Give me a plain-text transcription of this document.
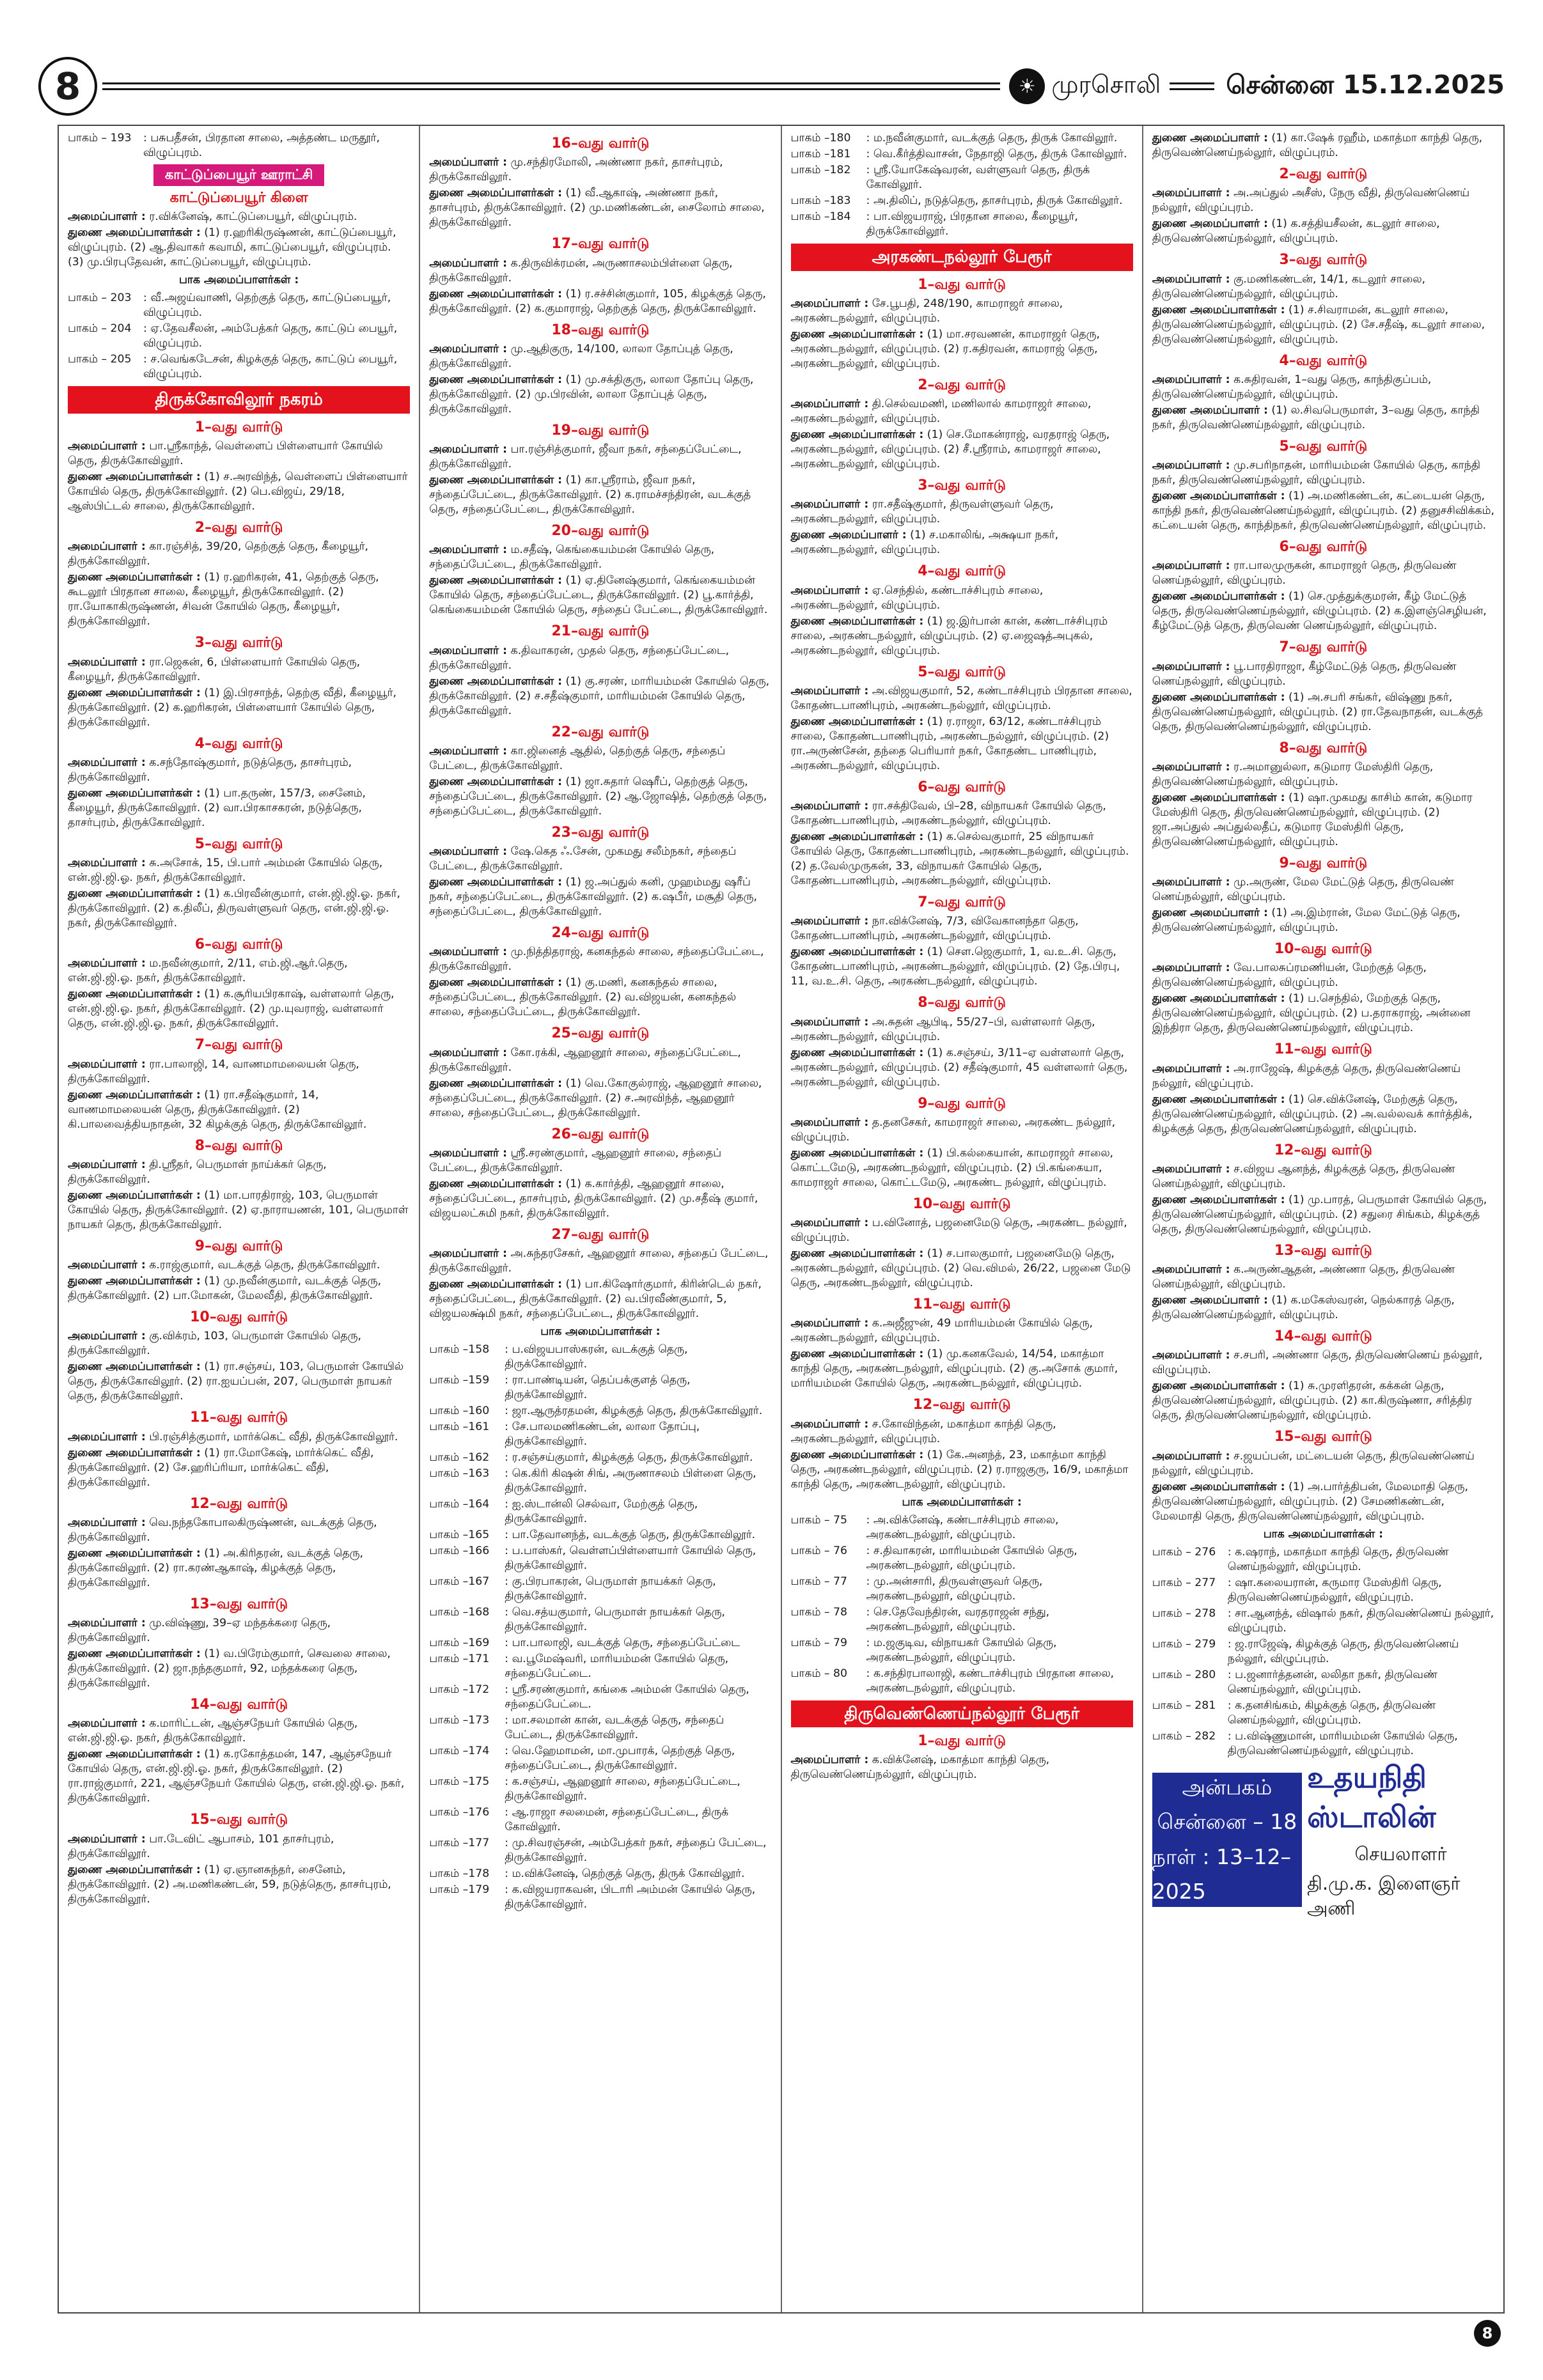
8	☀ முரசொலி	சென்னை 15.12.2025
பாகம் – 193	: பசுபதீசன், பிரதான சாலை, அத்தண்ட மருதூர், விழுப்புரம்.
காட்டுப்பையூர் ஊராட்சி
காட்டுப்பையூர் கிளை
அமைப்பாளர் : ர.விக்னேஷ், காட்டுப்பையூர், விழுப்புரம்.
துணை அமைப்பாளர்கள் : (1) ர.ஹரிகிருஷ்ணன், காட்டுப்பையூர், விழுப்புரம். (2) ஆ.திவாகர் கவாமி, காட்டுப்பையூர், விழுப்புரம். (3) மு.பிரபுதேவன், காட்டுப்பையூர், விழுப்புரம்.
பாக அமைப்பாளர்கள் :
பாகம் – 203	: வீ.அஜய்வாணி, தெற்குத் தெரு, காட்டுப்பையூர், விழுப்புரம்.
பாகம் – 204	: ஏ.தேவசீலன், அம்பேத்கர் தெரு, காட்டுப் பையூர், விழுப்புரம்.
பாகம் – 205	: ச.வெங்கடேசன், கிழக்குத் தெரு, காட்டுப் பையூர், விழுப்புரம்.
திருக்கோவிலூர் நகரம்
1–வது வார்டு
அமைப்பாளர் : பா.ஸ்ரீகாந்த், வெள்ளைப் பிள்ளையார் கோயில் தெரு, திருக்கோவிலூர்.
துணை அமைப்பாளர்கள் : (1) ச.அரவிந்த், வெள்ளைப் பிள்ளையார் கோயில் தெரு, திருக்கோவிலூர். (2) பெ.விஜய், 29/18, ஆஸ்பிட்டல் சாலை, திருக்கோவிலூர்.
2–வது வார்டு
அமைப்பாளர் : கா.ரஞ்சித், 39/20, தெற்குத் தெரு, கீழையூர், திருக்கோவிலூர்.
துணை அமைப்பாளர்கள் : (1) ர.ஹரிகரன், 41, தெற்குத் தெரு, கூடலூர் பிரதான சாலை, கீழையூர், திருக்கோவிலூர். (2) ரா.யோகாகிருஷ்ணன், சிவன் கோயில் தெரு, கீழையூர், திருக்கோவிலூர்.
3–வது வார்டு
அமைப்பாளர் : ரா.ஜெகன், 6, பிள்ளையார் கோயில் தெரு, கீழையூர், திருக்கோவிலூர்.
துணை அமைப்பாளர்கள் : (1) இ.பிரசாந்த், தெற்கு வீதி, கீழையூர், திருக்கோவிலூர். (2) க.ஹரிகரன், பிள்ளையார் கோயில் தெரு, திருக்கோவிலூர்.
4–வது வார்டு
அமைப்பாளர் : க.சந்தோஷ்குமார், நடுத்தெரு, தாசர்புரம், திருக்கோவிலூர்.
துணை அமைப்பாளர்கள் : (1) பா.தருண், 157/3, சைனேம், கீழையூர், திருக்கோவிலூர். (2) வா.பிரகாசகரன், நடுத்தெரு, தாசர்புரம், திருக்கோவிலூர்.
5–வது வார்டு
அமைப்பாளர் : சு.அசோக், 15, பி.பார் அம்மன் கோயில் தெரு, என்.ஜி.ஜி.ஓ. நகர், திருக்கோவிலூர்.
துணை அமைப்பாளர்கள் : (1) க.பிரவீன்குமார், என்.ஜி.ஜி.ஓ. நகர், திருக்கோவிலூர். (2) க.திலீப், திருவள்ளுவர் தெரு, என்.ஜி.ஜி.ஓ. நகர், திருக்கோவிலூர்.
6–வது வார்டு
அமைப்பாளர் : ம.நவீன்குமார், 2/11, எம்.ஜி.ஆர்.தெரு, என்.ஜி.ஜி.ஓ. நகர், திருக்கோவிலூர்.
துணை அமைப்பாளர்கள் : (1) க.சூரியபிரகாஷ், வள்ளலார் தெரு, என்.ஜி.ஜி.ஓ. நகர், திருக்கோவிலூர். (2) மு.யுவராஜ், வள்ளலார் தெரு, என்.ஜி.ஜி.ஓ. நகர், திருக்கோவிலூர்.
7–வது வார்டு
அமைப்பாளர் : ரா.பாலாஜி, 14, வாணமாமலையன் தெரு, திருக்கோவிலூர்.
துணை அமைப்பாளர்கள் : (1) ரா.சதீஷ்குமார், 14, வாணமாமலையன் தெரு, திருக்கோவிலூர். (2) கி.பாலவைத்தியநாதன், 32 கிழக்குத் தெரு, திருக்கோவிலூர்.
8–வது வார்டு
அமைப்பாளர் : தி.ஸ்ரீதர், பெருமாள் நாய்க்கர் தெரு, திருக்கோவிலூர்.
துணை அமைப்பாளர்கள் : (1) மா.பாரதிராஜ், 103, பெருமாள் கோயில் தெரு, திருக்கோவிலூர். (2) ஏ.நாராயணன், 101, பெருமாள் நாயகர் தெரு, திருக்கோவிலூர்.
9–வது வார்டு
அமைப்பாளர் : க.ராஜ்குமார், வடக்குத் தெரு, திருக்கோவிலூர்.
துணை அமைப்பாளர்கள் : (1) மு.நவீன்குமார், வடக்குத் தெரு, திருக்கோவிலூர். (2) பா.மோகன், மேலவீதி, திருக்கோவிலூர்.
10–வது வார்டு
அமைப்பாளர் : கு.விக்ரம், 103, பெருமாள் கோயில் தெரு, திருக்கோவிலூர்.
துணை அமைப்பாளர்கள் : (1) ரா.சஞ்சய், 103, பெருமாள் கோயில் தெரு, திருக்கோவிலூர். (2) ரா.ஐயப்பன், 207, பெருமாள் நாயகர் தெரு, திருக்கோவிலூர்.
11–வது வார்டு
அமைப்பாளர் : பி.ரஞ்சித்குமார், மார்க்கெட் வீதி, திருக்கோவிலூர்.
துணை அமைப்பாளர்கள் : (1) ரா.மோகேஷ், மார்க்கெட் வீதி, திருக்கோவிலூர். (2) சே.ஹரிப்ரியா, மார்க்கெட் வீதி, திருக்கோவிலூர்.
12–வது வார்டு
அமைப்பாளர் : வெ.நந்தகோபாலகிருஷ்ணன், வடக்குத் தெரு, திருக்கோவிலூர்.
துணை அமைப்பாளர்கள் : (1) அ.கிரிதரன், வடக்குத் தெரு, திருக்கோவிலூர். (2) ரா.கரண்ஆகாஷ், கிழக்குத் தெரு, திருக்கோவிலூர்.
13–வது வார்டு
அமைப்பாளர் : மு.விஷ்ணு, 39–ஏ மந்தக்கரை தெரு, திருக்கோவிலூர்.
துணை அமைப்பாளர்கள் : (1) வ.பிரேம்குமார், செவலை சாலை, திருக்கோவிலூர். (2) ஜா.நந்தகுமார், 92, மந்தக்கரை தெரு, திருக்கோவிலூர்.
14–வது வார்டு
அமைப்பாளர் : க.மாரிட்டன், ஆஞ்சநேயர் கோயில் தெரு, என்.ஜி.ஜி.ஓ. நகர், திருக்கோவிலூர்.
துணை அமைப்பாளர்கள் : (1) க.ரகோத்தமன், 147, ஆஞ்சநேயர் கோயில் தெரு, என்.ஜி.ஜி.ஓ. நகர், திருக்கோவிலூர். (2) ரா.ராஜ்குமார், 221, ஆஞ்சநேயர் கோயில் தெரு, என்.ஜி.ஜி.ஓ. நகர், திருக்கோவிலூர்.
15–வது வார்டு
அமைப்பாளர் : பா.டேவிட் ஆபாசம், 101 தாசர்புரம், திருக்கோவிலூர்.
துணை அமைப்பாளர்கள் : (1) ஏ.ஞானசுந்தர், சைனேம், திருக்கோவிலூர். (2) அ.மணிகண்டன், 59, நடுத்தெரு, தாசர்புரம், திருக்கோவிலூர்.
16–வது வார்டு
அமைப்பாளர் : மு.சந்திரமோலி, அண்ணா நகர், தாசர்புரம், திருக்கோவிலூர்.
துணை அமைப்பாளர்கள் : (1) வீ.ஆகாஷ், அண்ணா நகர், தாசர்புரம், திருக்கோவிலூர். (2) மு.மணிகண்டன், சைலோம் சாலை, திருக்கோவிலூர்.
17–வது வார்டு
அமைப்பாளர் : க.திருவிக்ரமன், அருணாசலம்பிள்ளை தெரு, திருக்கோவிலூர்.
துணை அமைப்பாளர்கள் : (1) ர.சச்சின்குமார், 105, கிழக்குத் தெரு, திருக்கோவிலூர். (2) க.குமாராஜ், தெற்குத் தெரு, திருக்கோவிலூர்.
18–வது வார்டு
அமைப்பாளர் : மு.ஆதிகுரு, 14/100, லாலா தோப்புத் தெரு, திருக்கோவிலூர்.
துணை அமைப்பாளர்கள் : (1) மு.சக்திகுரு, லாலா தோப்பு தெரு, திருக்கோவிலூர். (2) மு.பிரவின், லாலா தோப்புத் தெரு, திருக்கோவிலூர்.
19–வது வார்டு
அமைப்பாளர் : பா.ரஞ்சித்குமார், ஜீவா நகர், சந்தைப்பேட்டை, திருக்கோவிலூர்.
துணை அமைப்பாளர்கள் : (1) கா.ஸ்ரீராம், ஜீவா நகர், சந்தைப்பேட்டை, திருக்கோவிலூர். (2) க.ராமச்சந்திரன், வடக்குத் தெரு, சந்தைப்பேட்டை, திருக்கோவிலூர்.
20–வது வார்டு
அமைப்பாளர் : ம.சதீஷ், கெங்கையம்மன் கோயில் தெரு, சந்தைப்பேட்டை, திருக்கோவிலூர்.
துணை அமைப்பாளர்கள் : (1) ஏ.தினேஷ்குமார், கெங்கையம்மன் கோயில் தெரு, சந்தைப்பேட்டை, திருக்கோவிலூர். (2) பூ.கார்த்தி, கெங்கையம்மன் கோயில் தெரு, சந்தைப் பேட்டை, திருக்கோவிலூர்.
21–வது வார்டு
அமைப்பாளர் : க.திவாகரன், முதல் தெரு, சந்தைப்பேட்டை, திருக்கோவிலூர்.
துணை அமைப்பாளர்கள் : (1) கு.சரண், மாரியம்மன் கோயில் தெரு, திருக்கோவிலூர். (2) ச.சதீஷ்குமார், மாரியம்மன் கோயில் தெரு, திருக்கோவிலூர்.
22–வது வார்டு
அமைப்பாளர் : கா.ஜினைத் ஆதில், தெற்குத் தெரு, சந்தைப் பேட்டை, திருக்கோவிலூர்.
துணை அமைப்பாளர்கள் : (1) ஜா.சுதார் ஷெரீப், தெற்குத் தெரு, சந்தைப்பேட்டை, திருக்கோவிலூர். (2) ஆ.ஜோஷித், தெற்குத் தெரு, சந்தைப்பேட்டை, திருக்கோவிலூர்.
23–வது வார்டு
அமைப்பாளர் : ஷே.கெத ஃ.சேன், முகமது சலீம்நகர், சந்தைப் பேட்டை, திருக்கோவிலூர்.
துணை அமைப்பாளர்கள் : (1) ஜ.அப்துல் கனி, முஹம்மது ஷரீப் நகர், சந்தைப்பேட்டை, திருக்கோவிலூர். (2) க.ஷபீர், மசூதி தெரு, சந்தைப்பேட்டை, திருக்கோவிலூர்.
24–வது வார்டு
அமைப்பாளர் : மு.நித்திதராஜ், கனகந்தல் சாலை, சந்தைப்பேட்டை, திருக்கோவிலூர்.
துணை அமைப்பாளர்கள் : (1) கு.மணி, கனகந்தல் சாலை, சந்தைப்பேட்டை, திருக்கோவிலூர். (2) வ.விஜயன், கனகந்தல் சாலை, சந்தைப்பேட்டை, திருக்கோவிலூர்.
25–வது வார்டு
அமைப்பாளர் : கோ.ரக்கி, ஆஹனூர் சாலை, சந்தைப்பேட்டை, திருக்கோவிலூர்.
துணை அமைப்பாளர்கள் : (1) வெ.கோகுல்ராஜ், ஆஹனூர் சாலை, சந்தைப்பேட்டை, திருக்கோவிலூர். (2) ச.அரவிந்த், ஆஹனூர் சாலை, சந்தைப்பேட்டை, திருக்கோவிலூர்.
26–வது வார்டு
அமைப்பாளர் : ஸ்ரீ.சரண்குமார், ஆஹனூர் சாலை, சந்தைப் பேட்டை, திருக்கோவிலூர்.
துணை அமைப்பாளர்கள் : (1) க.கார்த்தி, ஆஹனூர் சாலை, சந்தைப்பேட்டை, தாசர்புரம், திருக்கோவிலூர். (2) மு.சதீஷ் குமார், விஜயலட்சுமி நகர், திருக்கோவிலூர்.
27–வது வார்டு
அமைப்பாளர் : அ.சுந்தரசேகர், ஆஹனூர் சாலை, சந்தைப் பேட்டை, திருக்கோவிலூர்.
துணை அமைப்பாளர்கள் : (1) பா.கிஷோர்குமார், கிரின்டெல் நகர், சந்தைப்பேட்டை, திருக்கோவிலூர். (2) வ.பிரவீண்குமார், 5, விஜயலக்ஷ்மி நகர், சந்தைப்பேட்டை, திருக்கோவிலூர்.
பாக அமைப்பாளர்கள் :
பாகம் –158	: ப.விஜயபாஸ்கரன், வடக்குத் தெரு, திருக்கோவிலூர்.
பாகம் –159	: ரா.பாண்டியன், தெப்பக்குளத் தெரு, திருக்கோவிலூர்.
பாகம் –160	: ஜா.ஆருத்ரதமன், கிழக்குத் தெரு, திருக்கோவிலூர்.
பாகம் –161	: சே.பாலமணிகண்டன், லாலா தோப்பு, திருக்கோவிலூர்.
பாகம் –162	: ர.சஞ்சய்குமார், கிழக்குத் தெரு, திருக்கோவிலூர்.
பாகம் –163	: கெ.கிரி கிஷன் சிங், அருணாசலம் பிள்ளை தெரு, திருக்கோவிலூர்.
பாகம் –164	: ஐ.ஸ்டான்லி செல்வா, மேற்குத் தெரு, திருக்கோவிலூர்.
பாகம் –165	: பா.தேவானந்த், வடக்குத் தெரு, திருக்கோவிலூர்.
பாகம் –166	: ப.பாஸ்கர், வெள்ளப்பிள்ளையார் கோயில் தெரு, திருக்கோவிலூர்.
பாகம் –167	: கு.பிரபாகரன், பெருமாள் நாயக்கர் தெரு, திருக்கோவிலூர்.
பாகம் –168	: வெ.சத்யகுமார், பெருமாள் நாயக்கர் தெரு, திருக்கோவிலூர்.
பாகம் –169	: பா.பாலாஜி, வடக்குத் தெரு, சந்தைப்பேட்டை
பாகம் –171	: வ.பூமேஷ்வரி, மாரியம்மன் கோயில் தெரு, சந்தைப்பேட்டை.
பாகம் –172	: ஸ்ரீ.சரண்குமார், கங்கை அம்மன் கோயில் தெரு, சந்தைப்பேட்டை.
பாகம் –173	: மா.சலமான் கான், வடக்குத் தெரு, சந்தைப் பேட்டை, திருக்கோவிலூர்.
பாகம் –174	: வெ.ஹேமாமன், மா.முபாரக், தெற்குத் தெரு, சந்தைப்பேட்டை, திருக்கோவிலூர்.
பாகம் –175	: க.சஞ்சய், ஆஹனூர் சாலை, சந்தைப்பேட்டை, திருக்கோவிலூர்.
பாகம் –176	: ஆ.ராஜா சலமைன், சந்தைப்பேட்டை, திருக் கோவிலூர்.
பாகம் –177	: மு.சிவரஞ்சன், அம்பேத்கர் நகர், சந்தைப் பேட்டை, திருக்கோவிலூர்.
பாகம் –178	: ம.விக்னேஷ், தெற்குத் தெரு, திருக் கோவிலூர்.
பாகம் –179	: க.விஜயராகவன், பிடாரி அம்மன் கோயில் தெரு, திருக்கோவிலூர்.
பாகம் –180	: ம.நவீன்குமார், வடக்குத் தெரு, திருக் கோவிலூர்.
பாகம் –181	: வெ.கீர்த்திவாசன், நேதாஜி தெரு, திருக் கோவிலூர்.
பாகம் –182	: ஸ்ரீ.யோகேஷ்வரன், வள்ளுவர் தெரு, திருக் கோவிலூர்.
பாகம் –183	: அ.திலிப், நடுத்தெரு, தாசர்புரம், திருக் கோவிலூர்.
பாகம் –184	: பா.விஜயராஜ், பிரதான சாலை, கீழையூர், திருக்கோவிலூர்.
அரகண்டநல்லூர் பேரூர்
1–வது வார்டு
அமைப்பாளர் : சே.பூபதி, 248/190, காமராஜர் சாலை, அரகண்டநல்லூர், விழுப்புரம்.
துணை அமைப்பாளர்கள் : (1) மா.சரவணன், காமராஜர் தெரு, அரகண்டநல்லூர், விழுப்புரம். (2) ர.கதிரவன், காமராஜ் தெரு, அரகண்டநல்லூர், விழுப்புரம்.
2–வது வார்டு
அமைப்பாளர் : தி.செல்வமணி, மணிலால் காமராஜர் சாலை, அரகண்டநல்லூர், விழுப்புரம்.
துணை அமைப்பாளர்கள் : (1) செ.மோகன்ராஜ், வரதராஜ் தெரு, அரகண்டநல்லூர், விழுப்புரம். (2) சீ.ஸ்ரீராம், காமராஜர் சாலை, அரகண்டநல்லூர், விழுப்புரம்.
3–வது வார்டு
அமைப்பாளர் : ரா.சதீஷ்குமார், திருவள்ளுவர் தெரு, அரகண்டநல்லூர், விழுப்புரம்.
துணை அமைப்பாளர் : (1) ச.மகாலிங், அக்ஷயா நகர், அரகண்டநல்லூர், விழுப்புரம்.
4–வது வார்டு
அமைப்பாளர் : ஏ.செந்தில், கண்டாச்சிபுரம் சாலை, அரகண்டநல்லூர், விழுப்புரம்.
துணை அமைப்பாளர்கள் : (1) ஜ.இர்பான் கான், கண்டாச்சிபுரம் சாலை, அரகண்டநல்லூர், விழுப்புரம். (2) ஏ.ஜைஷத்அபுகல், அரகண்டநல்லூர், விழுப்புரம்.
5–வது வார்டு
அமைப்பாளர் : அ.விஜயகுமார், 52, கண்டாச்சிபுரம் பிரதான சாலை, கோதண்டபாணிபுரம், அரகண்டநல்லூர், விழுப்புரம்.
துணை அமைப்பாளர்கள் : (1) ர.ராஜா, 63/12, கண்டாச்சிபுரம் சாலை, கோதண்டபாணிபுரம், அரகண்டநல்லூர், விழுப்புரம். (2) ரா.அருண்சேன், தந்தை பெரியார் நகர், கோதண்ட பாணிபுரம், அரகண்டநல்லூர், விழுப்புரம்.
6–வது வார்டு
அமைப்பாளர் : ரா.சக்திவேல், பி–28, விநாயகர் கோயில் தெரு, கோதண்டபாணிபுரம், அரகண்டநல்லூர், விழுப்புரம்.
துணை அமைப்பாளர்கள் : (1) க.செல்வகுமார், 25 விநாயகர் கோயில் தெரு, கோதண்டபாணிபுரம், அரகண்டநல்லூர், விழுப்புரம். (2) த.வேல்முருகன், 33, விநாயகர் கோயில் தெரு, கோதண்டபாணிபுரம், அரகண்டநல்லூர், விழுப்புரம்.
7–வது வார்டு
அமைப்பாளர் : நா.விக்னேஷ், 7/3, விவேகானந்தா தெரு, கோதண்டபாணிபுரம், அரகண்டநல்லூர், விழுப்புரம்.
துணை அமைப்பாளர்கள் : (1) சௌ.ஜெகுமார், 1, வ.உ.சி. தெரு, கோதண்டபாணிபுரம், அரகண்டநல்லூர், விழுப்புரம். (2) தே.பிரபு, 11, வ.உ.சி. தெரு, அரகண்டநல்லூர், விழுப்புரம்.
8–வது வார்டு
அமைப்பாளர் : அ.சுதன் ஆபிடி, 55/27–பி, வள்ளலார் தெரு, அரகண்டநல்லூர், விழுப்புரம்.
துணை அமைப்பாளர்கள் : (1) க.சஞ்சய், 3/11–ஏ வள்ளலார் தெரு, அரகண்டநல்லூர், விழுப்புரம். (2) சதீஷ்குமார், 45 வள்ளலார் தெரு, அரகண்டநல்லூர், விழுப்புரம்.
9–வது வார்டு
அமைப்பாளர் : த.தனசேகர், காமராஜர் சாலை, அரகண்ட நல்லூர், விழுப்புரம்.
துணை அமைப்பாளர்கள் : (1) பி.கல்கையான், காமராஜர் சாலை, கொட்டமேடு, அரகண்டநல்லூர், விழுப்புரம். (2) பி.கங்கையா, காமராஜர் சாலை, கொட்டமேடு, அரகண்ட நல்லூர், விழுப்புரம்.
10–வது வார்டு
அமைப்பாளர் : ப.வினோத், பஜனைமேடு தெரு, அரகண்ட நல்லூர், விழுப்புரம்.
துணை அமைப்பாளர்கள் : (1) ச.பாலகுமார், பஜனைமேடு தெரு, அரகண்டநல்லூர், விழுப்புரம். (2) வெ.விமல், 26/22, பஜனை மேடு தெரு, அரகண்டநல்லூர், விழுப்புரம்.
11–வது வார்டு
அமைப்பாளர் : க.அஜீஜுன், 49 மாரியம்மன் கோயில் தெரு, அரகண்டநல்லூர், விழுப்புரம்.
துணை அமைப்பாளர்கள் : (1) மு.கனகவேல், 14/54, மகாத்மா காந்தி தெரு, அரகண்டநல்லூர், விழுப்புரம். (2) கு.அசோக் குமார், மாரியம்மன் கோயில் தெரு, அரகண்டநல்லூர், விழுப்புரம்.
12–வது வார்டு
அமைப்பாளர் : ச.கோவிந்தன், மகாத்மா காந்தி தெரு, அரகண்டநல்லூர், விழுப்புரம்.
துணை அமைப்பாளர்கள் : (1) கே.அனந்த், 23, மகாத்மா காந்தி தெரு, அரகண்டநல்லூர், விழுப்புரம். (2) ர.ராஜகுரு, 16/9, மகாத்மா காந்தி தெரு, அரகண்டநல்லூர், விழுப்புரம்.
பாக அமைப்பாளர்கள் :
பாகம் – 75	: அ.விக்னேஷ், கண்டாச்சிபுரம் சாலை, அரகண்டநல்லூர், விழுப்புரம்.
பாகம் – 76	: ச.திவாகரன், மாரியம்மன் கோயில் தெரு, அரகண்டநல்லூர், விழுப்புரம்.
பாகம் – 77	: மு.அன்சாரி, திருவள்ளுவர் தெரு, அரகண்டநல்லூர், விழுப்புரம்.
பாகம் – 78	: செ.தேவேந்திரன், வரதராஜன் சந்து, அரகண்டநல்லூர், விழுப்புரம்.
பாகம் – 79	: ம.ஜகுடிவ, விநாயகர் கோயில் தெரு, அரகண்டநல்லூர், விழுப்புரம்.
பாகம் – 80	: க.சந்திரபாலாஜி, கண்டாச்சிபுரம் பிரதான சாலை, அரகண்டநல்லூர், விழுப்புரம்.
திருவெண்ணெய்நல்லூர் பேரூர்
1–வது வார்டு
அமைப்பாளர் : க.விக்னேஷ், மகாத்மா காந்தி தெரு, திருவெண்ணெய்நல்லூர், விழுப்புரம்.
துணை அமைப்பாளர் : (1) கா.ஷேக் ரஹீம், மகாத்மா காந்தி தெரு, திருவெண்ணெய்நல்லூர், விழுப்புரம்.
2–வது வார்டு
அமைப்பாளர் : அ.அப்துல் அசீஸ், நேரு வீதி, திருவெண்ணெய் நல்லூர், விழுப்புரம்.
துணை அமைப்பாளர் : (1) க.சத்தியசீலன், கடலூர் சாலை, திருவெண்ணெய்நல்லூர், விழுப்புரம்.
3–வது வார்டு
அமைப்பாளர் : கு.மணிகண்டன், 14/1, கடலூர் சாலை, திருவெண்ணெய்நல்லூர், விழுப்புரம்.
துணை அமைப்பாளர்கள் : (1) ச.சிவராமன், கடலூர் சாலை, திருவெண்ணெய்நல்லூர், விழுப்புரம். (2) சே.சதீஷ், கடலூர் சாலை, திருவெண்ணெய்நல்லூர், விழுப்புரம்.
4–வது வார்டு
அமைப்பாளர் : க.சுதிரவன், 1–வது தெரு, காந்திகுப்பம், திருவெண்ணெய்நல்லூர், விழுப்புரம்.
துணை அமைப்பாளர் : (1) ல.சிவபெருமாள், 3–வது தெரு, காந்தி நகர், திருவெண்ணெய்நல்லூர், விழுப்புரம்.
5–வது வார்டு
அமைப்பாளர் : மு.சபரிநாதன், மாரியம்மன் கோயில் தெரு, காந்தி நகர், திருவெண்ணெய்நல்லூர், விழுப்புரம்.
துணை அமைப்பாளர்கள் : (1) அ.மணிகண்டன், கட்டையன் தெரு, காந்தி நகர், திருவெண்ணெய்நல்லூர், விழுப்புரம். (2) தனுசசிவிக்கம், கட்டையன் தெரு, காந்திநகர், திருவெண்ணெய்நல்லூர், விழுப்புரம்.
6–வது வார்டு
அமைப்பாளர் : ரா.பாலமுருகன், காமராஜர் தெரு, திருவெண் ணெய்நல்லூர், விழுப்புரம்.
துணை அமைப்பாளர்கள் : (1) செ.முத்துக்குமரன், கீழ் மேட்டுத் தெரு, திருவெண்ணெய்நல்லூர், விழுப்புரம். (2) க.இளஞ்செழியன், கீழ்மேட்டுத் தெரு, திருவெண் ணெய்நல்லூர், விழுப்புரம்.
7–வது வார்டு
அமைப்பாளர் : பூ.பாரதிராஜா, கீழ்மேட்டுத் தெரு, திருவெண் ணெய்நல்லூர், விழுப்புரம்.
துணை அமைப்பாளர்கள் : (1) அ.சபரி சங்கர், விஷ்ணு நகர், திருவெண்ணெய்நல்லூர், விழுப்புரம். (2) ரா.தேவநாதன், வடக்குத் தெரு, திருவெண்ணெய்நல்லூர், விழுப்புரம்.
8–வது வார்டு
அமைப்பாளர் : ர.அமானுல்லா, கடுமார மேஸ்திரி தெரு, திருவெண்ணெய்நல்லூர், விழுப்புரம்.
துணை அமைப்பாளர்கள் : (1) ஷா.முகமது காசிம் கான், கடுமார மேஸ்திரி தெரு, திருவெண்ணெய்நல்லூர், விழுப்புரம். (2) ஜா.அப்துல் அப்துல்லதீப், கடுமார மேஸ்திரி தெரு, திருவெண்ணெய்நல்லூர், விழுப்புரம்.
9–வது வார்டு
அமைப்பாளர் : மு.அருண், மேல மேட்டுத் தெரு, திருவெண் ணெய்நல்லூர், விழுப்புரம்.
துணை அமைப்பாளர் : (1) அ.இம்ரான், மேல மேட்டுத் தெரு, திருவெண்ணெய்நல்லூர், விழுப்புரம்.
10–வது வார்டு
அமைப்பாளர் : வே.பாலசுப்ரமணியன், மேற்குத் தெரு, திருவெண்ணெய்நல்லூர், விழுப்புரம்.
துணை அமைப்பாளர்கள் : (1) ப.செந்தில், மேற்குத் தெரு, திருவெண்ணெய்நல்லூர், விழுப்புரம். (2) ப.தராகராஜ், அன்னை இந்திரா தெரு, திருவெண்ணெய்நல்லூர், விழுப்புரம்.
11–வது வார்டு
அமைப்பாளர் : அ.ராஜேஷ், கிழக்குத் தெரு, திருவெண்ணெய் நல்லூர், விழுப்புரம்.
துணை அமைப்பாளர்கள் : (1) செ.விக்னேஷ், மேற்குத் தெரு, திருவெண்ணெய்நல்லூர், விழுப்புரம். (2) அ.வல்லவக் கார்த்திக், கிழக்குத் தெரு, திருவெண்ணெய்நல்லூர், விழுப்புரம்.
12–வது வார்டு
அமைப்பாளர் : ச.விஜய ஆனந்த், கிழக்குத் தெரு, திருவெண் ணெய்நல்லூர், விழுப்புரம்.
துணை அமைப்பாளர்கள் : (1) மு.பாரத், பெருமாள் கோயில் தெரு, திருவெண்ணெய்நல்லூர், விழுப்புரம். (2) சதுரை சிங்கம், கிழக்குத் தெரு, திருவெண்ணெய்நல்லூர், விழுப்புரம்.
13–வது வார்டு
அமைப்பாளர் : க.அருண்ஆதன், அண்ணா தெரு, திருவெண் ணெய்நல்லூர், விழுப்புரம்.
துணை அமைப்பாளர் : (1) க.மகேஸ்வரன், நெல்காரத் தெரு, திருவெண்ணெய்நல்லூர், விழுப்புரம்.
14–வது வார்டு
அமைப்பாளர் : ச.சபரி, அண்ணா தெரு, திருவெண்ணெய் நல்லூர், விழுப்புரம்.
துணை அமைப்பாளர்கள் : (1) சு.முரளிதரன், கக்கன் தெரு, திருவெண்ணெய்நல்லூர், விழுப்புரம். (2) கா.கிருஷ்ணா, சரித்திர தெரு, திருவெண்ணெய்நல்லூர், விழுப்புரம்.
15–வது வார்டு
அமைப்பாளர் : ச.ஜயப்பன், மட்டையன் தெரு, திருவெண்ணெய் நல்லூர், விழுப்புரம்.
துணை அமைப்பாளர்கள் : (1) அ.பார்த்திபன், மேலமாதி தெரு, திருவெண்ணெய்நல்லூர், விழுப்புரம். (2) சேமணிகண்டன், மேலமாதி தெரு, திருவெண்ணெய்நல்லூர், விழுப்புரம்.
பாக அமைப்பாளர்கள் :
பாகம் – 276	: க.ஷராந், மகாத்மா காந்தி தெரு, திருவெண் ணெய்நல்லூர், விழுப்புரம்.
பாகம் – 277	: ஷா.கலையரான், கருமார மேஸ்திரி தெரு, திருவெண்ணெய்நல்லூர், விழுப்புரம்.
பாகம் – 278	: சா.ஆனந்த், விஷால் நகர், திருவெண்ணெய் நல்லூர், விழுப்புரம்.
பாகம் – 279	: ஜ.ராஜேஷ், கிழக்குத் தெரு, திருவெண்ணெய் நல்லூர், விழுப்புரம்.
பாகம் – 280	: ப.ஜனார்த்தனன், லலிதா நகர், திருவெண் ணெய்நல்லூர், விழுப்புரம்.
பாகம் – 281	: க.தனசிங்கம், கிழக்குத் தெரு, திருவெண் ணெய்நல்லூர், விழுப்புரம்.
பாகம் – 282	: ப.விஷ்ணுமான், மாரியம்மன் கோயில் தெரு, திருவெண்ணெய்நல்லூர், விழுப்புரம்.
அன்பகம்
சென்னை – 18
நாள் : 13–12–2025
உதயநிதி ஸ்டாலின்
செயலாளர்
தி.மு.க. இளைஞர் அணி
8
